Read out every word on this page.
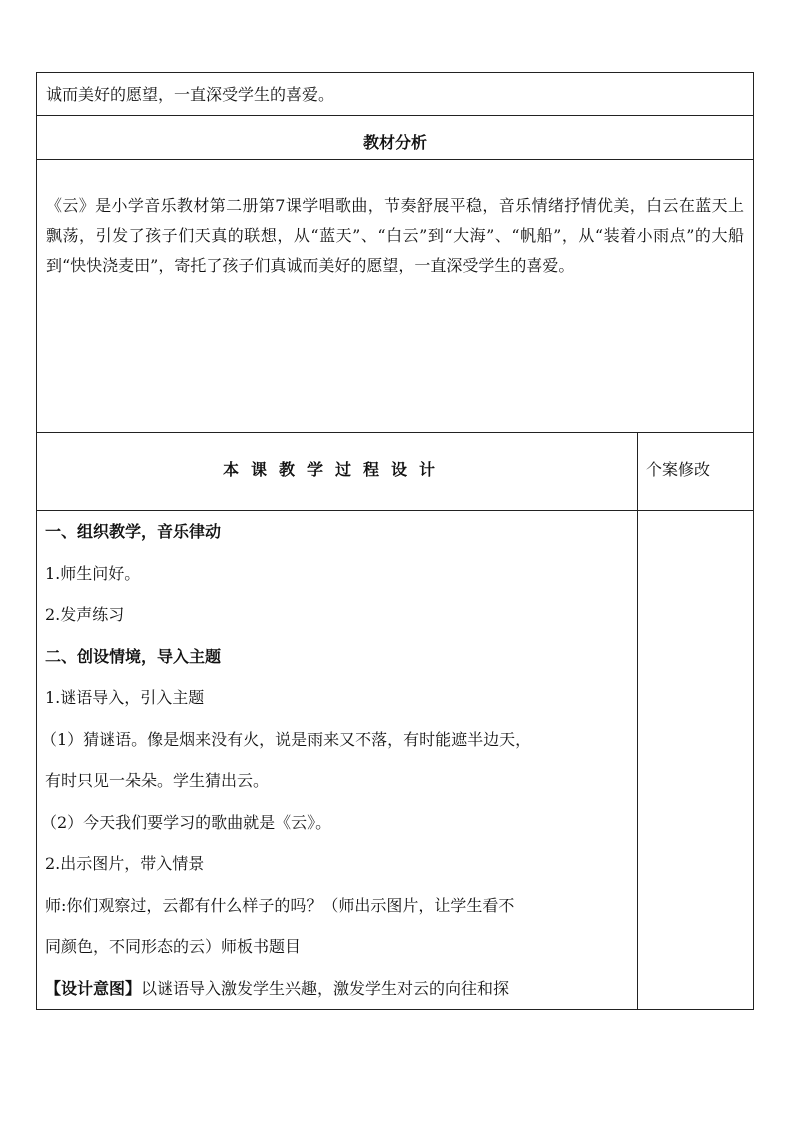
诚而美好的愿望，一直深受学生的喜爱。
教材分析
《云》是小学音乐教材第二册第7课学唱歌曲，节奏舒展平稳，音乐情绪抒情优美，白云在蓝天上飘荡，引发了孩子们天真的联想，从“蓝天”、“白云”到“大海”、“帆船”，从“装着小雨点”的大船到“快快浇麦田”，寄托了孩子们真诚而美好的愿望，一直深受学生的喜爱。
本课教学过程设计	个案修改
一、组织教学，音乐律动
1.师生问好。
2.发声练习
二、创设情境，导入主题
1.谜语导入，引入主题
（1）猜谜语。像是烟来没有火，说是雨来又不落，有时能遮半边天，
有时只见一朵朵。学生猜出云。
（2）今天我们要学习的歌曲就是《云》。
2.出示图片，带入情景
师:你们观察过，云都有什么样子的吗？（师出示图片，让学生看不
同颜色，不同形态的云）师板书题目
【设计意图】以谜语导入激发学生兴趣，激发学生对云的向往和探
